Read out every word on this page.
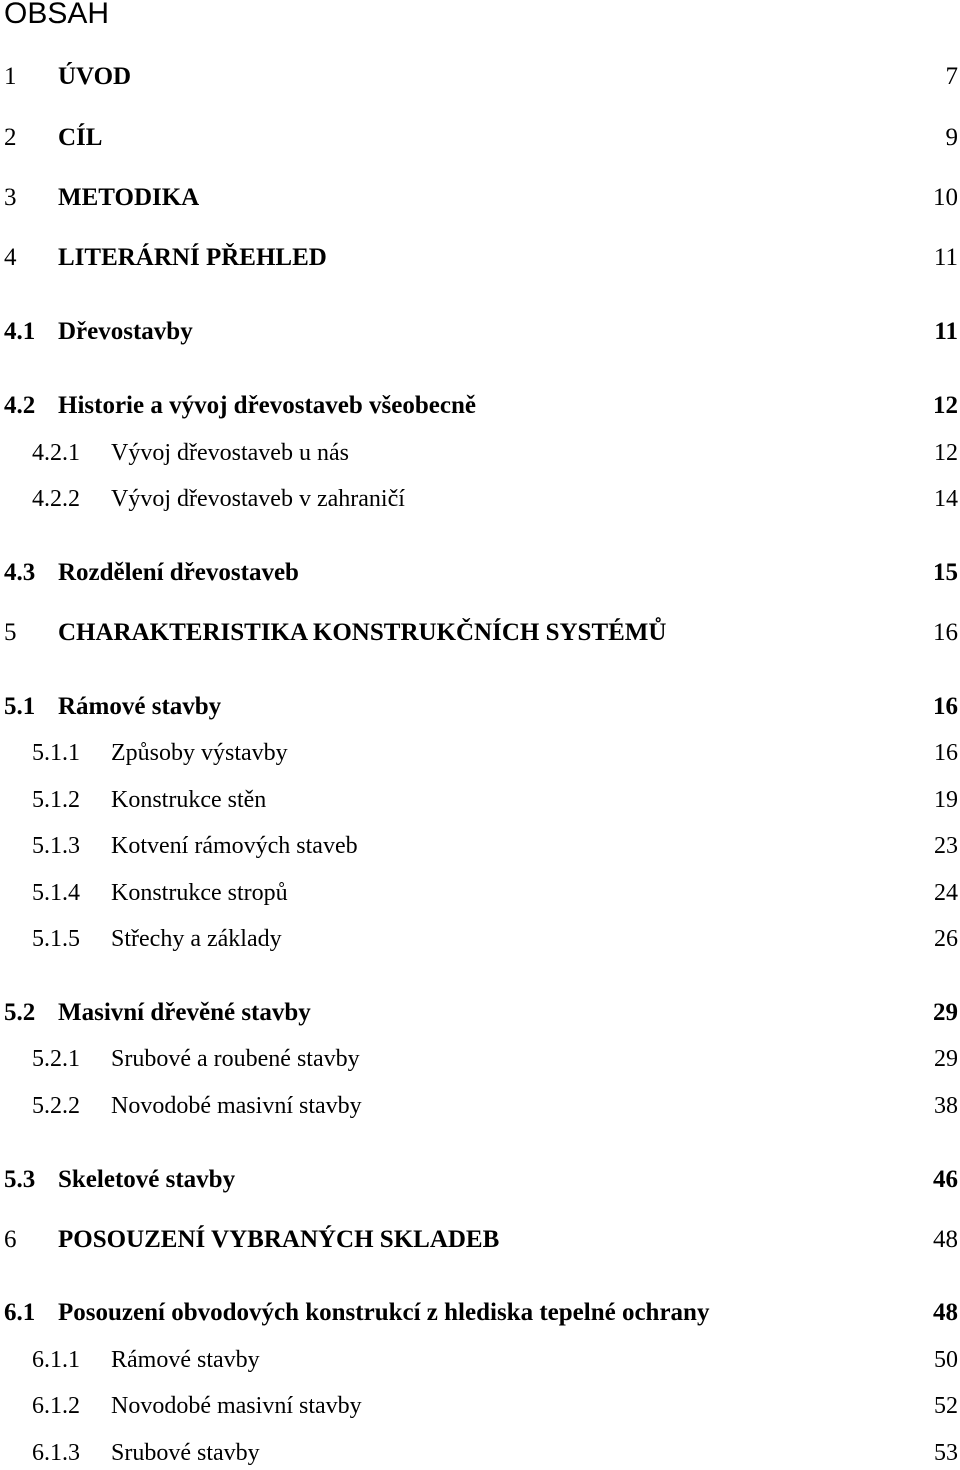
OBSAH
1 ÚVOD	7
2 CÍL	9
3 METODIKA	10
4 LITERÁRNÍ PŘEHLED	11
4.1 Dřevostavby	11
4.2 Historie a vývoj dřevostaveb všeobecně	12
4.2.1 Vývoj dřevostaveb u nás	12
4.2.2 Vývoj dřevostaveb v zahraničí	14
4.3 Rozdělení dřevostaveb	15
5 CHARAKTERISTIKA KONSTRUKČNÍCH SYSTÉMŮ	16
5.1 Rámové stavby	16
5.1.1 Způsoby výstavby	16
5.1.2 Konstrukce stěn	19
5.1.3 Kotvení rámových staveb	23
5.1.4 Konstrukce stropů	24
5.1.5 Střechy a základy	26
5.2 Masivní dřevěné stavby	29
5.2.1 Srubové a roubené stavby	29
5.2.2 Novodobé masivní stavby	38
5.3 Skeletové stavby	46
6 POSOUZENÍ VYBRANÝCH SKLADEB	48
6.1 Posouzení obvodových konstrukcí z hlediska tepelné ochrany	48
6.1.1 Rámové stavby	50
6.1.2 Novodobé masivní stavby	52
6.1.3 Srubové stavby	53
